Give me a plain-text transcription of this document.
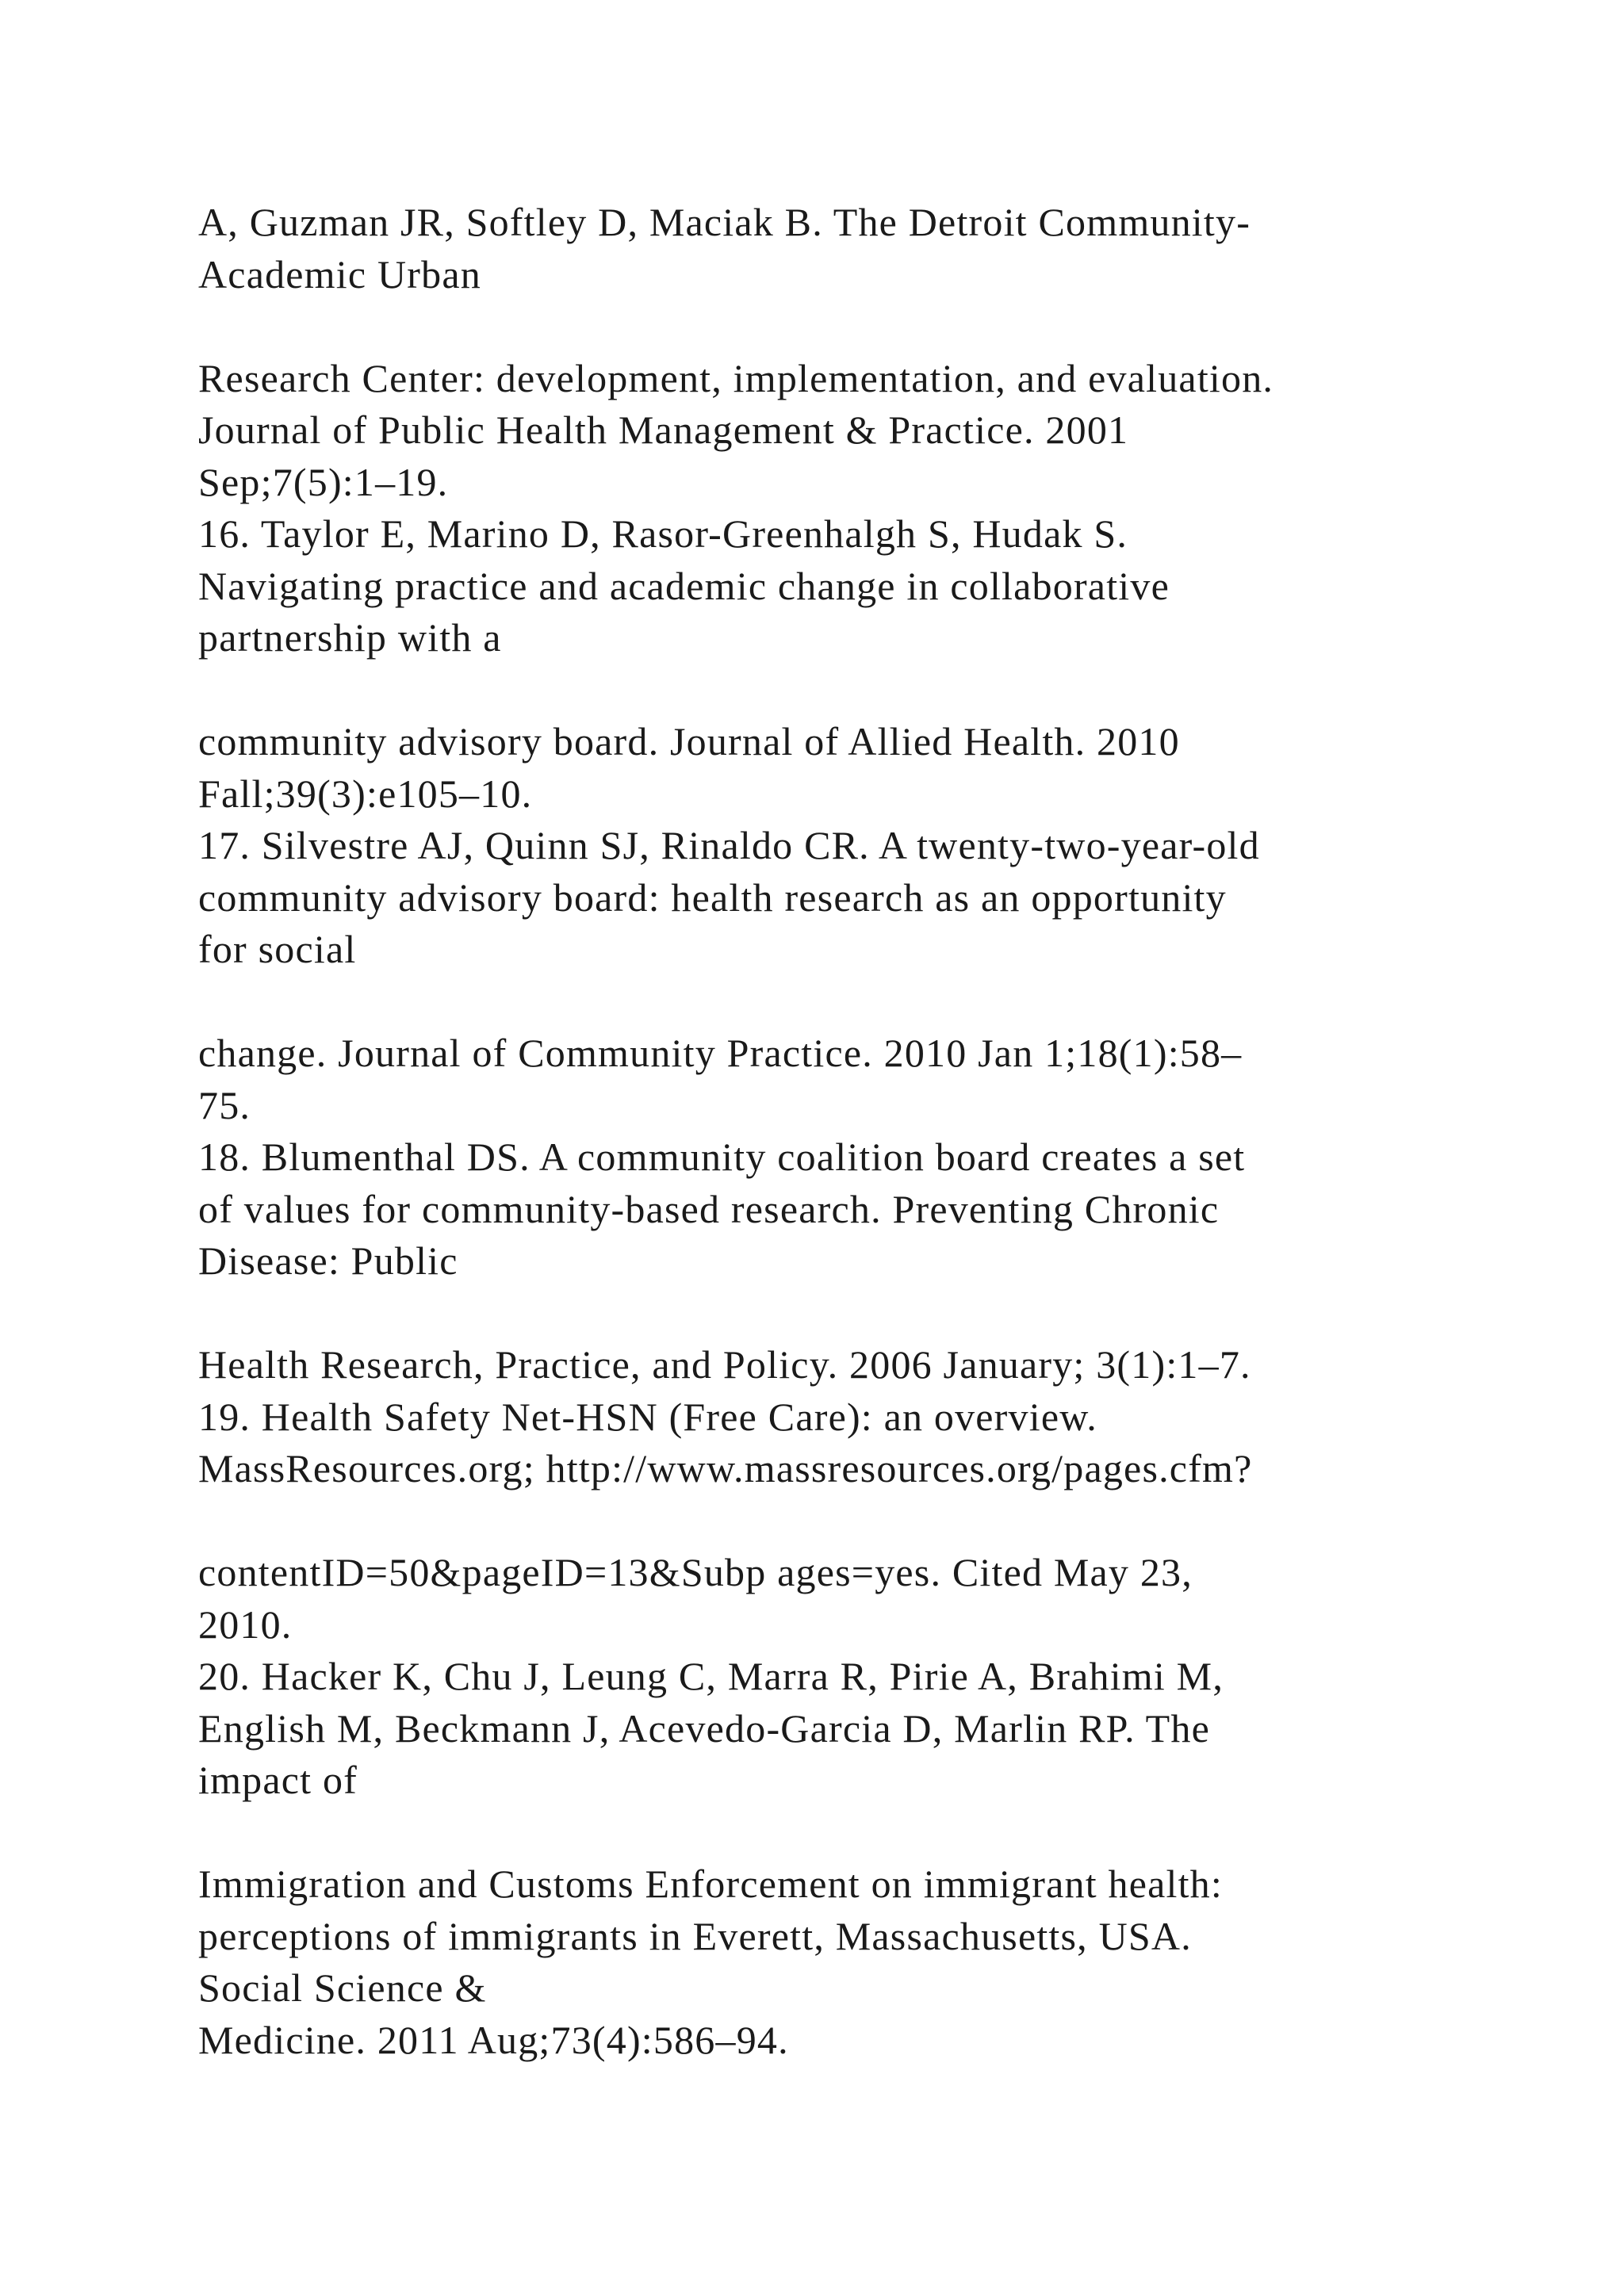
A, Guzman JR, Softley D, Maciak B. The Detroit Community-
Academic Urban
Research Center: development, implementation, and evaluation.
Journal of Public Health Management & Practice. 2001
Sep;7(5):1–19.
16. Taylor E, Marino D, Rasor-Greenhalgh S, Hudak S.
Navigating practice and academic change in collaborative
partnership with a
community advisory board. Journal of Allied Health. 2010
Fall;39(3):e105–10.
17. Silvestre AJ, Quinn SJ, Rinaldo CR. A twenty-two-year-old
community advisory board: health research as an opportunity
for social
change. Journal of Community Practice. 2010 Jan 1;18(1):58–
75.
18. Blumenthal DS. A community coalition board creates a set
of values for community-based research. Preventing Chronic
Disease: Public
Health Research, Practice, and Policy. 2006 January; 3(1):1–7.
19. Health Safety Net-HSN (Free Care): an overview.
MassResources.org; http://www.massresources.org/pages.cfm?
contentID=50&pageID=13&Subp ages=yes. Cited May 23,
2010.
20. Hacker K, Chu J, Leung C, Marra R, Pirie A, Brahimi M,
English M, Beckmann J, Acevedo-Garcia D, Marlin RP. The
impact of
Immigration and Customs Enforcement on immigrant health:
perceptions of immigrants in Everett, Massachusetts, USA.
Social Science &
Medicine. 2011 Aug;73(4):586–94.
